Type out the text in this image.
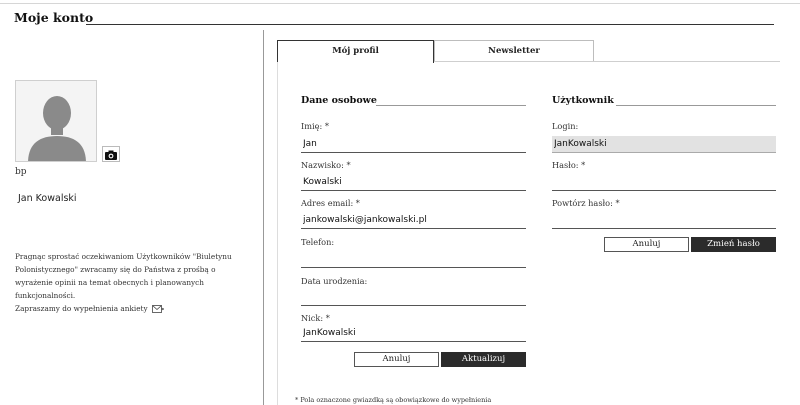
Moje konto
bp
Jan Kowalski
Pragnąc sprostać oczekiwaniom Użytkowników "Biuletynu Polonistycznego" zwracamy się do Państwa z prośbą o wyrażenie opinii na temat obecnych i planowanych funkcjonalności.
Zapraszamy do wypełnienia ankiety
Mój profil	Newsletter
Dane osobowe
Imię: *
Jan
Nazwisko: *
Kowalski
Adres email: *
jankowalski@jankowalski.pl
Telefon:
Data urodzenia:
Nick: *
JanKowalski
Anuluj	Aktualizuj
Użytkownik
Login:
JanKowalski
Hasło: *
Powtórz hasło: *
Anuluj	Zmień hasło
* Pola oznaczone gwiazdką są obowiązkowe do wypełnienia
